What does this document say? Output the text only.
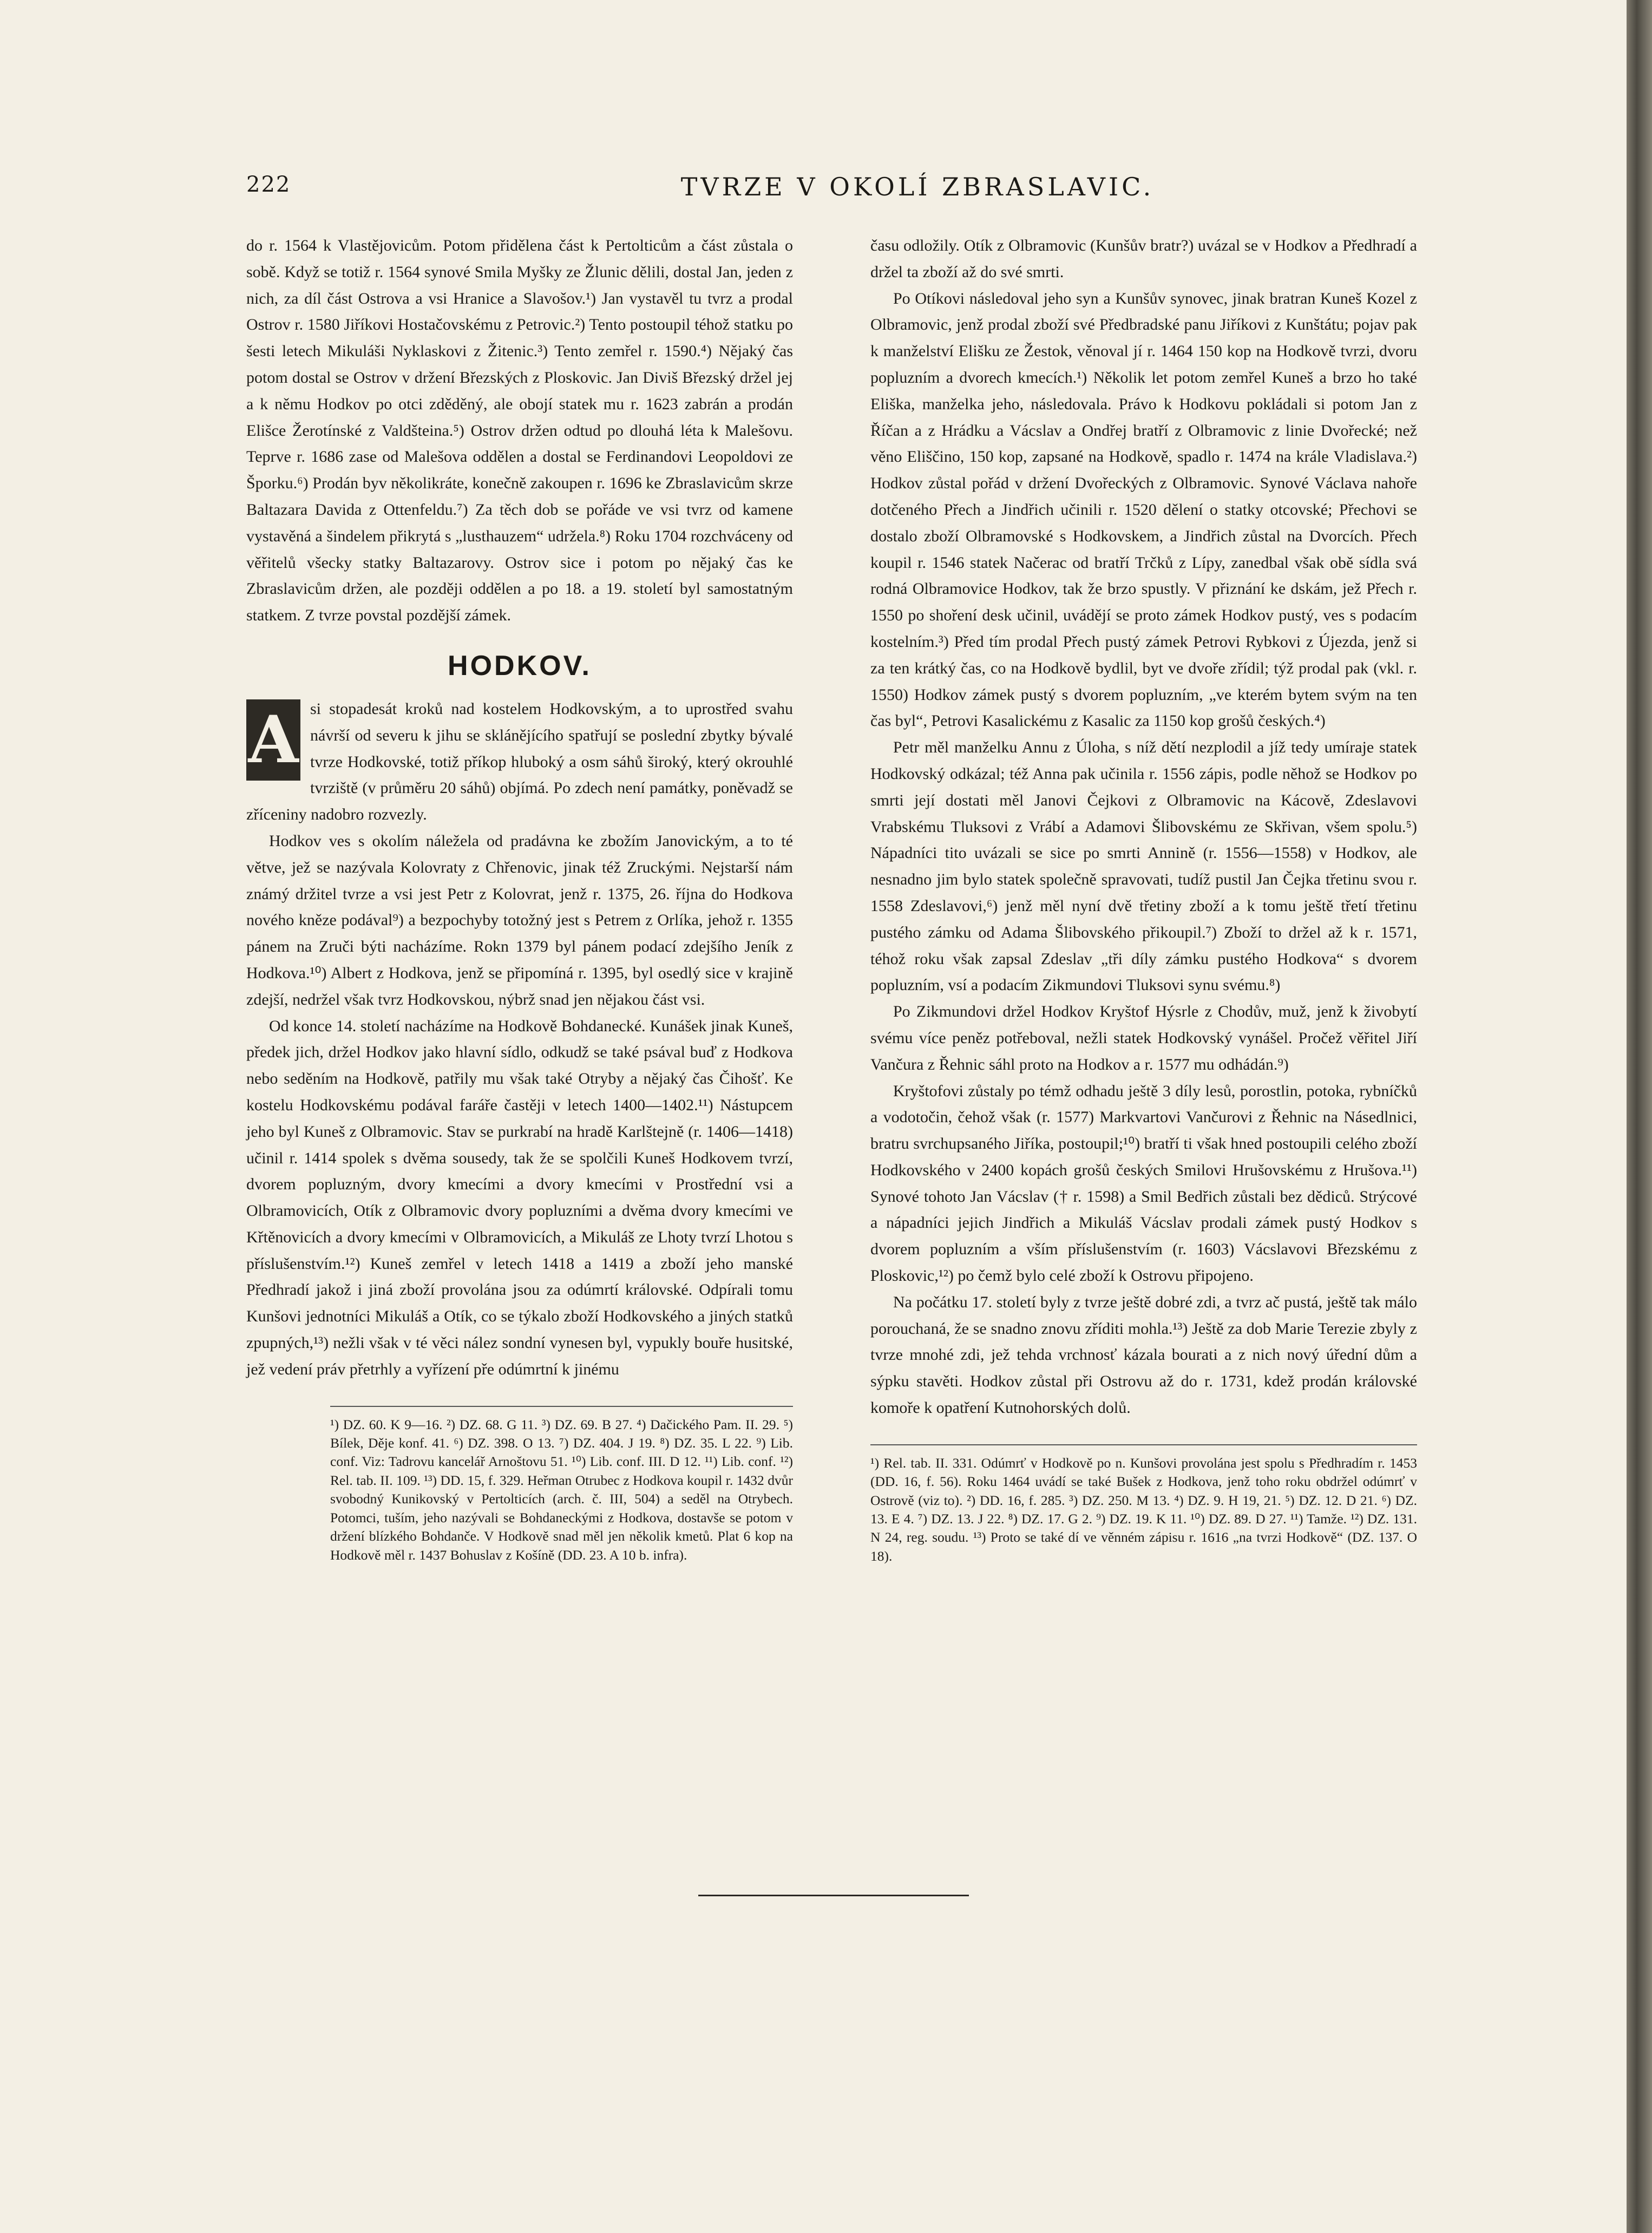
222	TVRZE V OKOLÍ ZBRASLAVIC.

do r. 1564 k Vlastějovicům. Potom přidělena část k Pertolticům a část zůstala o sobě. Když se totiž r. 1564 synové Smila Myšky ze Žlunic dělili, dostal Jan, jeden z nich, za díl část Ostrova a vsi Hranice a Slavošov.¹) Jan vystavěl tu tvrz a prodal Ostrov r. 1580 Jiříkovi Hostačovskému z Petrovic.²) Tento postoupil téhož statku po šesti letech Mikuláši Nyklaskovi z Žitenic.³) Tento zemřel r. 1590.⁴) Nějaký čas potom dostal se Ostrov v držení Březských z Ploskovic. Jan Diviš Březský držel jej a k němu Hodkov po otci zděděný, ale obojí statek mu r. 1623 zabrán a prodán Elišce Žerotínské z Valdšteina.⁵) Ostrov držen odtud po dlouhá léta k Malešovu. Teprve r. 1686 zase od Malešova oddělen a dostal se Ferdinandovi Leopoldovi ze Šporku.⁶) Prodán byv několikráte, konečně zakoupen r. 1696 ke Zbraslavicům skrze Baltazara Davida z Ottenfeldu.⁷) Za těch dob se pořáde ve vsi tvrz od kamene vystavěná a šindelem přikrytá s „lusthauzem“ udržela.⁸) Roku 1704 rozchváceny od věřitelů všecky statky Baltazarovy. Ostrov sice i potom po nějaký čas ke Zbraslavicům držen, ale později oddělen a po 18. a 19. století byl samostatným statkem. Z tvrze povstal pozdější zámek.

HODKOV.

A si stopadesát kroků nad kostelem Hodkovským, a to uprostřed svahu návrší od severu k jihu se sklánějícího spatřují se poslední zbytky bývalé tvrze Hodkovské, totiž příkop hluboký a osm sáhů široký, který okrouhlé tvrziště (v průměru 20 sáhů) objímá. Po zdech není památky, poněvadž se zříceniny nadobro rozvezly.

Hodkov ves s okolím náležela od pradávna ke zbožím Janovickým, a to té větve, jež se nazývala Kolovraty z Chřenovic, jinak též Zruckými. Nejstarší nám známý držitel tvrze a vsi jest Petr z Kolovrat, jenž r. 1375, 26. října do Hodkova nového kněze podával⁹) a bezpochyby totožný jest s Petrem z Orlíka, jehož r. 1355 pánem na Zruči býti nacházíme. Rokn 1379 byl pánem podací zdejšího Jeník z Hodkova.¹⁰) Albert z Hodkova, jenž se připomíná r. 1395, byl osedlý sice v krajině zdejší, nedržel však tvrz Hodkovskou, nýbrž snad jen nějakou část vsi.

Od konce 14. století nacházíme na Hodkově Bohdanecké. Kunášek jinak Kuneš, předek jich, držel Hodkov jako hlavní sídlo, odkudž se také psával buď z Hodkova nebo seděním na Hodkově, patřily mu však také Otryby a nějaký čas Čihošť. Ke kostelu Hodkovskému podával faráře častěji v letech 1400—1402.¹¹) Nástupcem jeho byl Kuneš z Olbramovic. Stav se purkrabí na hradě Karlštejně (r. 1406—1418) učinil r. 1414 spolek s dvěma sousedy, tak že se spolčili Kuneš Hodkovem tvrzí, dvorem popluzným, dvory kmecími a dvory kmecími v Prostřední vsi a Olbramovicích, Otík z Olbramovic dvory popluzními a dvěma dvory kmecími ve Křtěnovicích a dvory kmecími v Olbramovicích, a Mikuláš ze Lhoty tvrzí Lhotou s příslušenstvím.¹²) Kuneš zemřel v letech 1418 a 1419 a zboží jeho manské Předhradí jakož i jiná zboží provolána jsou za odúmrtí královské. Odpírali tomu Kunšovi jednotníci Mikuláš a Otík, co se týkalo zboží Hodkovského a jiných statků zpupných,¹³) nežli však v té věci nález sondní vynesen byl, vypukly bouře husitské, jež vedení práv přetrhly a vyřízení pře odúmrtní k jinému

¹) DZ. 60. K 9—16. ²) DZ. 68. G 11. ³) DZ. 69. B 27. ⁴) Dačického Pam. II. 29. ⁵) Bílek, Děje konf. 41. ⁶) DZ. 398. O 13. ⁷) DZ. 404. J 19. ⁸) DZ. 35. L 22. ⁹) Lib. conf. Viz: Tadrovu kancelář Arnoštovu 51. ¹⁰) Lib. conf. III. D 12. ¹¹) Lib. conf. ¹²) Rel. tab. II. 109. ¹³) DD. 15, f. 329. Heřman Otrubec z Hodkova koupil r. 1432 dvůr svobodný Kunikovský v Pertolticích (arch. č. III, 504) a seděl na Otrybech. Potomci, tuším, jeho nazývali se Bohdaneckými z Hodkova, dostavše se potom v držení blízkého Bohdanče. V Hodkově snad měl jen několik kmetů. Plat 6 kop na Hodkově měl r. 1437 Bohuslav z Košíně (DD. 23. A 10 b. infra).

času odložily. Otík z Olbramovic (Kunšův bratr?) uvázal se v Hodkov a Předhradí a držel ta zboží až do své smrti.

Po Otíkovi následoval jeho syn a Kunšův synovec, jinak bratran Kuneš Kozel z Olbramovic, jenž prodal zboží své Předbradské panu Jiříkovi z Kunštátu; pojav pak k manželství Elišku ze Žestok, věnoval jí r. 1464 150 kop na Hodkově tvrzi, dvoru popluzním a dvorech kmecích.¹) Několik let potom zemřel Kuneš a brzo ho také Eliška, manželka jeho, následovala. Právo k Hodkovu pokládali si potom Jan z Říčan a z Hrádku a Vácslav a Ondřej bratří z Olbramovic z linie Dvořecké; než věno Eliščino, 150 kop, zapsané na Hodkově, spadlo r. 1474 na krále Vladislava.²) Hodkov zůstal pořád v držení Dvořeckých z Olbramovic. Synové Václava nahoře dotčeného Přech a Jindřich učinili r. 1520 dělení o statky otcovské; Přechovi se dostalo zboží Olbramovské s Hodkovskem, a Jindřich zůstal na Dvorcích. Přech koupil r. 1546 statek Načerac od bratří Trčků z Lípy, zanedbal však obě sídla svá rodná Olbramovice Hodkov, tak že brzo spustly. V přiznání ke dskám, jež Přech r. 1550 po shoření desk učinil, uvádějí se proto zámek Hodkov pustý, ves s podacím kostelním.³) Před tím prodal Přech pustý zámek Petrovi Rybkovi z Újezda, jenž si za ten krátký čas, co na Hodkově bydlil, byt ve dvoře zřídil; týž prodal pak (vkl. r. 1550) Hodkov zámek pustý s dvorem popluzním, „ve kterém bytem svým na ten čas byl“, Petrovi Kasalickému z Kasalic za 1150 kop grošů českých.⁴)

Petr měl manželku Annu z Úloha, s níž dětí nezplodil a jíž tedy umíraje statek Hodkovský odkázal; též Anna pak učinila r. 1556 zápis, podle něhož se Hodkov po smrti její dostati měl Janovi Čejkovi z Olbramovic na Kácově, Zdeslavovi Vrabskému Tluksovi z Vrábí a Adamovi Šlibovskému ze Skřivan, všem spolu.⁵) Nápadníci tito uvázali se sice po smrti Annině (r. 1556—1558) v Hodkov, ale nesnadno jim bylo statek společně spravovati, tudíž pustil Jan Čejka třetinu svou r. 1558 Zdeslavovi,⁶) jenž měl nyní dvě třetiny zboží a k tomu ještě třetí třetinu pustého zámku od Adama Šlibovského přikoupil.⁷) Zboží to držel až k r. 1571, téhož roku však zapsal Zdeslav „tři díly zámku pustého Hodkova“ s dvorem popluzním, vsí a podacím Zikmundovi Tluksovi synu svému.⁸)

Po Zikmundovi držel Hodkov Kryštof Hýsrle z Chodův, muž, jenž k živobytí svému více peněz potřeboval, nežli statek Hodkovský vynášel. Pročež věřitel Jiří Vančura z Řehnic sáhl proto na Hodkov a r. 1577 mu odhádán.⁹)

Kryštofovi zůstaly po témž odhadu ještě 3 díly lesů, porostlin, potoka, rybníčků a vodotočin, čehož však (r. 1577) Markvartovi Vančurovi z Řehnic na Násedlnici, bratru svrchupsaného Jiříka, postoupil;¹⁰) bratří ti však hned postoupili celého zboží Hodkovského v 2400 kopách grošů českých Smilovi Hrušovskému z Hrušova.¹¹) Synové tohoto Jan Vácslav († r. 1598) a Smil Bedřich zůstali bez dědiců. Strýcové a nápadníci jejich Jindřich a Mikuláš Vácslav prodali zámek pustý Hodkov s dvorem popluzním a vším příslušenstvím (r. 1603) Vácslavovi Březskému z Ploskovic,¹²) po čemž bylo celé zboží k Ostrovu připojeno.

Na počátku 17. století byly z tvrze ještě dobré zdi, a tvrz ač pustá, ještě tak málo porouchaná, že se snadno znovu zříditi mohla.¹³) Ještě za dob Marie Terezie zbyly z tvrze mnohé zdi, jež tehda vrchnosť kázala bourati a z nich nový úřední dům a sýpku stavěti. Hodkov zůstal při Ostrovu až do r. 1731, kdež prodán královské komoře k opatření Kutnohorských dolů.

¹) Rel. tab. II. 331. Odúmrť v Hodkově po n. Kunšovi provolána jest spolu s Předhradím r. 1453 (DD. 16, f. 56). Roku 1464 uvádí se také Bušek z Hodkova, jenž toho roku obdržel odúmrť v Ostrově (viz to). ²) DD. 16, f. 285. ³) DZ. 250. M 13. ⁴) DZ. 9. H 19, 21. ⁵) DZ. 12. D 21. ⁶) DZ. 13. E 4. ⁷) DZ. 13. J 22. ⁸) DZ. 17. G 2. ⁹) DZ. 19. K 11. ¹⁰) DZ. 89. D 27. ¹¹) Tamže. ¹²) DZ. 131. N 24, reg. soudu. ¹³) Proto se také dí ve věnném zápisu r. 1616 „na tvrzi Hodkově“ (DZ. 137. O 18).
